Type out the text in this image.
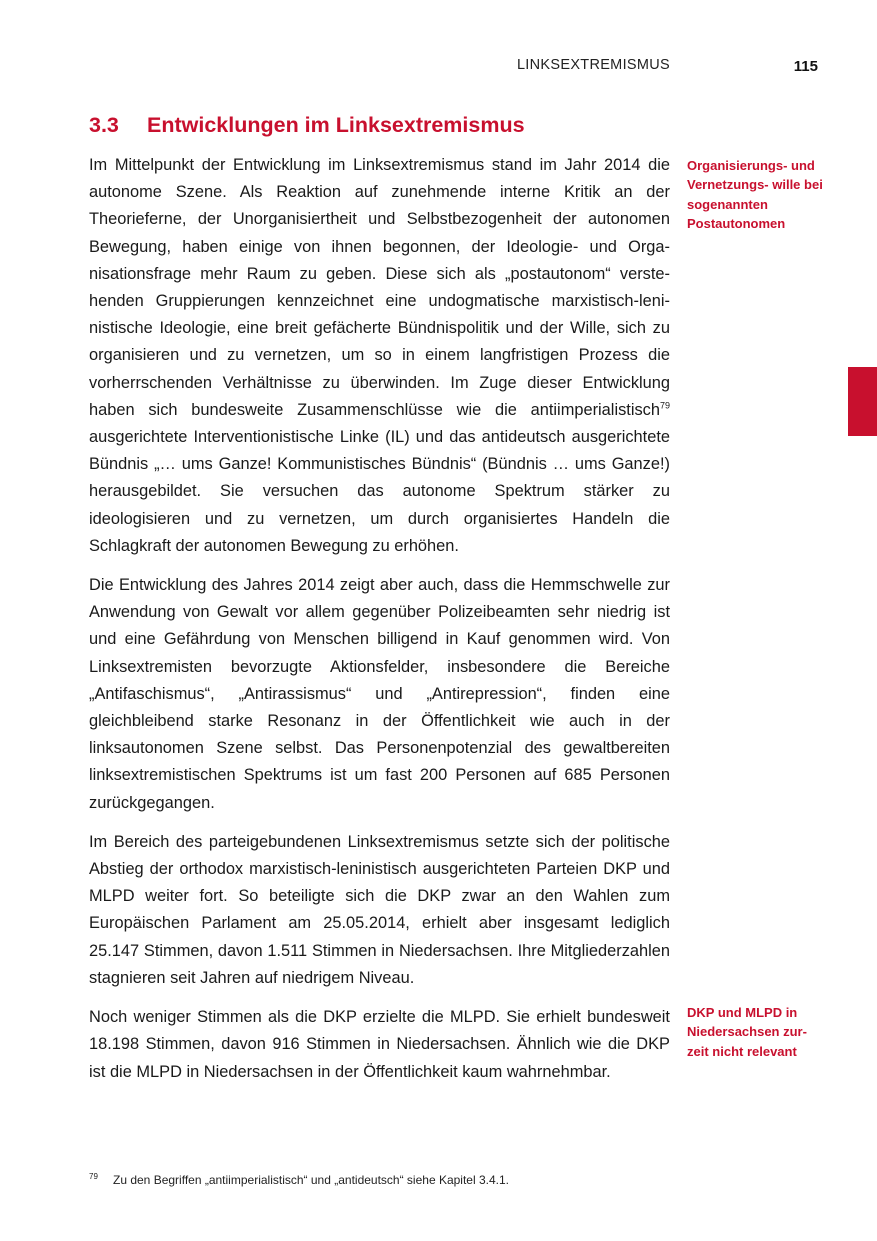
LINKSEXTREMISMUS	115
3.3 Entwicklungen im Linksextremismus

Im Mittelpunkt der Entwicklung im Linksextremismus stand im Jahr 2014 die autonome Szene. Als Reaktion auf zunehmende interne Kritik an der Theorieferne, der Unorganisiertheit und Selbstbezogenheit der autonomen Bewegung, haben einige von ihnen begonnen, der Ideologie- und Organisationsfrage mehr Raum zu geben. Diese sich als „postautonom“ verstehenden Gruppierungen kennzeichnet eine undogmatische marxistisch-leninistische Ideologie, eine breit gefächerte Bündnispolitik und der Wille, sich zu organisieren und zu vernetzen, um so in einem langfristigen Prozess die vorherrschenden Verhältnisse zu überwinden. Im Zuge dieser Entwicklung haben sich bundesweite Zusammenschlüsse wie die antiimperialistisch$^{79}$ ausgerichtete Interventionistische Linke (IL) und das antideutsch ausgerichtete Bündnis „… ums Ganze! Kommunistisches Bündnis“ (Bündnis … ums Ganze!) herausgebildet. Sie versuchen das autonome Spektrum stärker zu ideologisieren und zu vernetzen, um durch organisiertes Handeln die Schlagkraft der autonomen Bewegung zu erhöhen.

Die Entwicklung des Jahres 2014 zeigt aber auch, dass die Hemmschwelle zur Anwendung von Gewalt vor allem gegenüber Polizeibeamten sehr niedrig ist und eine Gefährdung von Menschen billigend in Kauf genommen wird. Von Linksextremisten bevorzugte Aktionsfelder, insbesondere die Bereiche „Antifaschismus“, „Antirassismus“ und „Antirepression“, finden eine gleichbleibend starke Resonanz in der Öffentlichkeit wie auch in der linksautonomen Szene selbst. Das Personenpotenzial des gewaltbereiten linksextremistischen Spektrums ist um fast 200 Personen auf 685 Personen zurückgegangen.

Im Bereich des parteigebundenen Linksextremismus setzte sich der politische Abstieg der orthodox marxistisch-leninistisch ausgerichteten Parteien DKP und MLPD weiter fort. So beteiligte sich die DKP zwar an den Wahlen zum Europäischen Parlament am 25.05.2014, erhielt aber insgesamt lediglich 25.147 Stimmen, davon 1.511 Stimmen in Niedersachsen. Ihre Mitgliederzahlen stagnieren seit Jahren auf niedrigem Niveau.

Noch weniger Stimmen als die DKP erzielte die MLPD. Sie erhielt bundesweit 18.198 Stimmen, davon 916 Stimmen in Niedersachsen. Ähnlich wie die DKP ist die MLPD in Niedersachsen in der Öffentlichkeit kaum wahrnehmbar.

Organisierungs- und Vernetzungs- wille bei sogenannten Postautonomen
DKP und MLPD in Niedersachsen zur- zeit nicht relevant
79 Zu den Begriffen „antiimperialistisch“ und „antideutsch“ siehe Kapitel 3.4.1.
